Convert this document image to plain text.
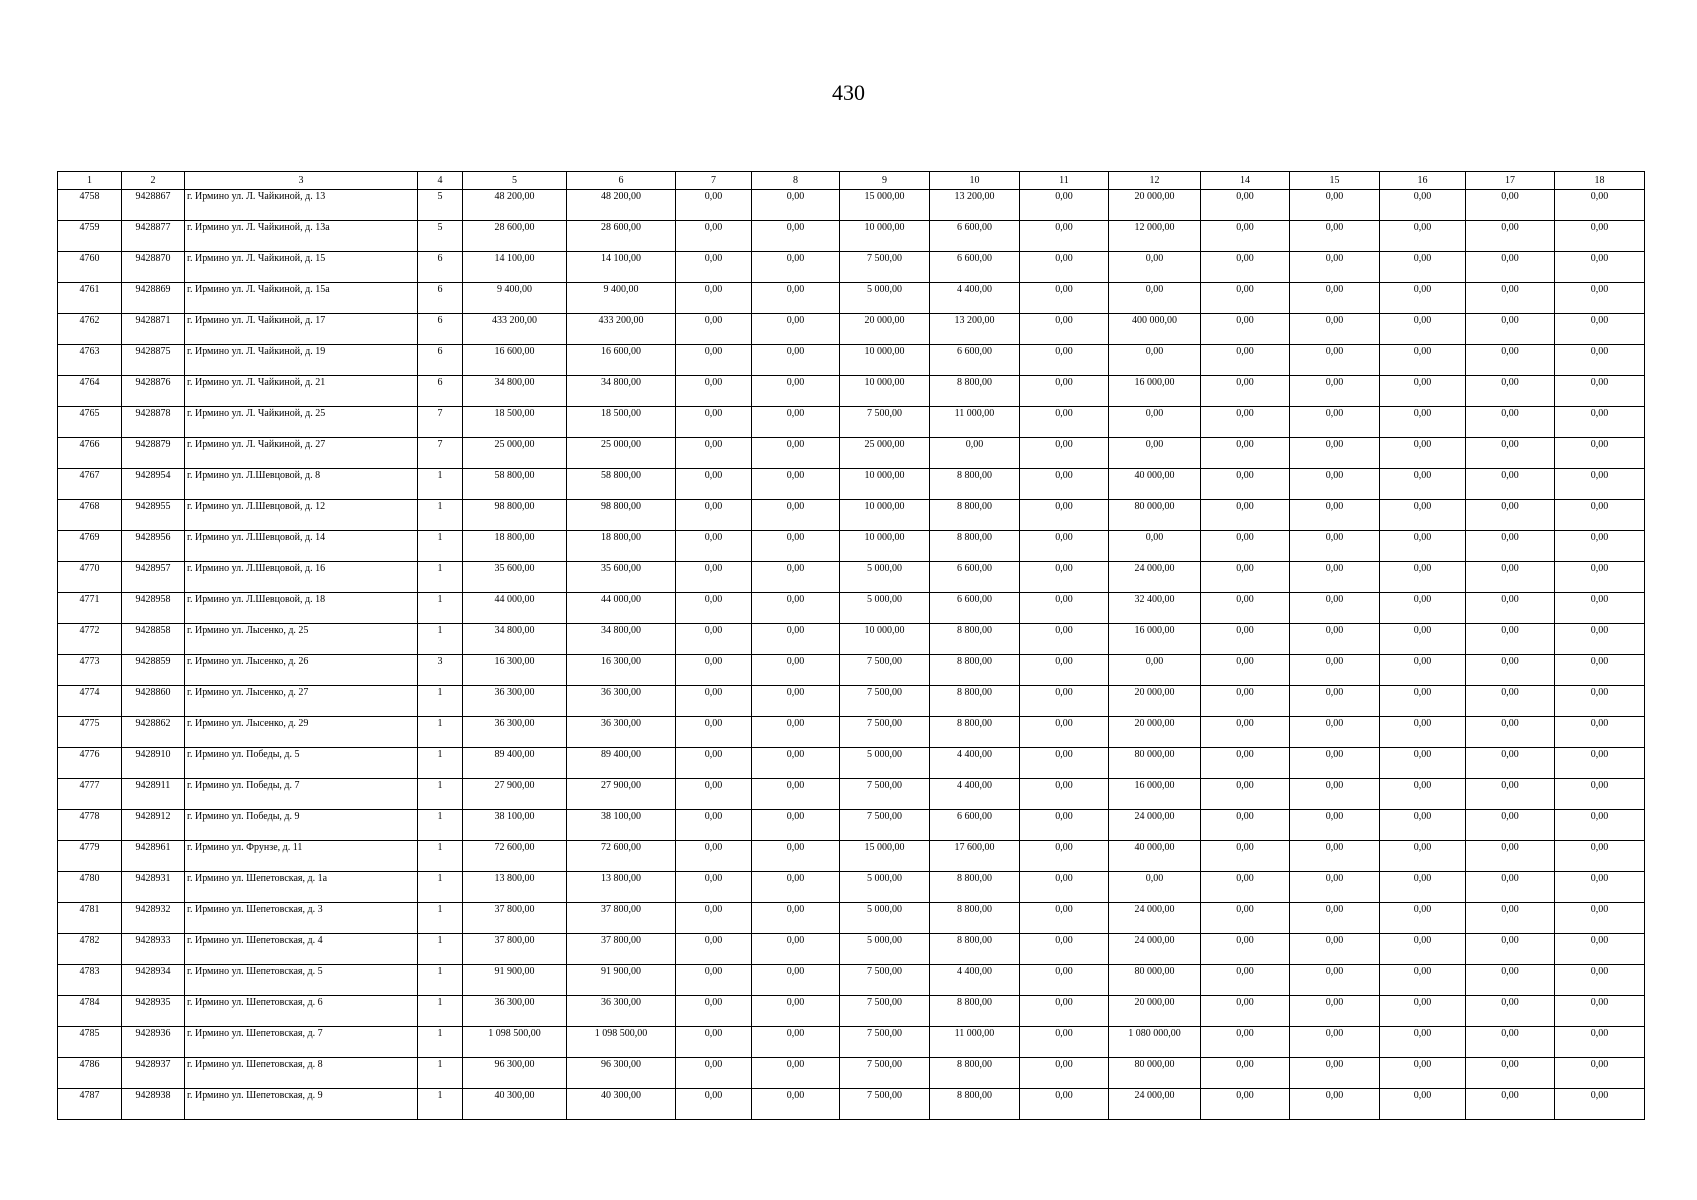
430
1	2	3	4	5	6	7	8	9	10	11	12	14	15	16	17	18
4758	9428867	г. Ирмино ул. Л. Чайкиной, д. 13	5	48 200,00	48 200,00	0,00	0,00	15 000,00	13 200,00	0,00	20 000,00	0,00	0,00	0,00	0,00	0,00
4759	9428877	г. Ирмино ул. Л. Чайкиной, д. 13а	5	28 600,00	28 600,00	0,00	0,00	10 000,00	6 600,00	0,00	12 000,00	0,00	0,00	0,00	0,00	0,00
4760	9428870	г. Ирмино ул. Л. Чайкиной, д. 15	6	14 100,00	14 100,00	0,00	0,00	7 500,00	6 600,00	0,00	0,00	0,00	0,00	0,00	0,00	0,00
4761	9428869	г. Ирмино ул. Л. Чайкиной, д. 15а	6	9 400,00	9 400,00	0,00	0,00	5 000,00	4 400,00	0,00	0,00	0,00	0,00	0,00	0,00	0,00
4762	9428871	г. Ирмино ул. Л. Чайкиной, д. 17	6	433 200,00	433 200,00	0,00	0,00	20 000,00	13 200,00	0,00	400 000,00	0,00	0,00	0,00	0,00	0,00
4763	9428875	г. Ирмино ул. Л. Чайкиной, д. 19	6	16 600,00	16 600,00	0,00	0,00	10 000,00	6 600,00	0,00	0,00	0,00	0,00	0,00	0,00	0,00
4764	9428876	г. Ирмино ул. Л. Чайкиной, д. 21	6	34 800,00	34 800,00	0,00	0,00	10 000,00	8 800,00	0,00	16 000,00	0,00	0,00	0,00	0,00	0,00
4765	9428878	г. Ирмино ул. Л. Чайкиной, д. 25	7	18 500,00	18 500,00	0,00	0,00	7 500,00	11 000,00	0,00	0,00	0,00	0,00	0,00	0,00	0,00
4766	9428879	г. Ирмино ул. Л. Чайкиной, д. 27	7	25 000,00	25 000,00	0,00	0,00	25 000,00	0,00	0,00	0,00	0,00	0,00	0,00	0,00	0,00
4767	9428954	г. Ирмино ул. Л.Шевцовой, д. 8	1	58 800,00	58 800,00	0,00	0,00	10 000,00	8 800,00	0,00	40 000,00	0,00	0,00	0,00	0,00	0,00
4768	9428955	г. Ирмино ул. Л.Шевцовой, д. 12	1	98 800,00	98 800,00	0,00	0,00	10 000,00	8 800,00	0,00	80 000,00	0,00	0,00	0,00	0,00	0,00
4769	9428956	г. Ирмино ул. Л.Шевцовой, д. 14	1	18 800,00	18 800,00	0,00	0,00	10 000,00	8 800,00	0,00	0,00	0,00	0,00	0,00	0,00	0,00
4770	9428957	г. Ирмино ул. Л.Шевцовой, д. 16	1	35 600,00	35 600,00	0,00	0,00	5 000,00	6 600,00	0,00	24 000,00	0,00	0,00	0,00	0,00	0,00
4771	9428958	г. Ирмино ул. Л.Шевцовой, д. 18	1	44 000,00	44 000,00	0,00	0,00	5 000,00	6 600,00	0,00	32 400,00	0,00	0,00	0,00	0,00	0,00
4772	9428858	г. Ирмино ул. Лысенко, д. 25	1	34 800,00	34 800,00	0,00	0,00	10 000,00	8 800,00	0,00	16 000,00	0,00	0,00	0,00	0,00	0,00
4773	9428859	г. Ирмино ул. Лысенко, д. 26	3	16 300,00	16 300,00	0,00	0,00	7 500,00	8 800,00	0,00	0,00	0,00	0,00	0,00	0,00	0,00
4774	9428860	г. Ирмино ул. Лысенко, д. 27	1	36 300,00	36 300,00	0,00	0,00	7 500,00	8 800,00	0,00	20 000,00	0,00	0,00	0,00	0,00	0,00
4775	9428862	г. Ирмино ул. Лысенко, д. 29	1	36 300,00	36 300,00	0,00	0,00	7 500,00	8 800,00	0,00	20 000,00	0,00	0,00	0,00	0,00	0,00
4776	9428910	г. Ирмино ул. Победы, д. 5	1	89 400,00	89 400,00	0,00	0,00	5 000,00	4 400,00	0,00	80 000,00	0,00	0,00	0,00	0,00	0,00
4777	9428911	г. Ирмино ул. Победы, д. 7	1	27 900,00	27 900,00	0,00	0,00	7 500,00	4 400,00	0,00	16 000,00	0,00	0,00	0,00	0,00	0,00
4778	9428912	г. Ирмино ул. Победы, д. 9	1	38 100,00	38 100,00	0,00	0,00	7 500,00	6 600,00	0,00	24 000,00	0,00	0,00	0,00	0,00	0,00
4779	9428961	г. Ирмино ул. Фрунзе, д. 11	1	72 600,00	72 600,00	0,00	0,00	15 000,00	17 600,00	0,00	40 000,00	0,00	0,00	0,00	0,00	0,00
4780	9428931	г. Ирмино ул. Шепетовская, д. 1а	1	13 800,00	13 800,00	0,00	0,00	5 000,00	8 800,00	0,00	0,00	0,00	0,00	0,00	0,00	0,00
4781	9428932	г. Ирмино ул. Шепетовская, д. 3	1	37 800,00	37 800,00	0,00	0,00	5 000,00	8 800,00	0,00	24 000,00	0,00	0,00	0,00	0,00	0,00
4782	9428933	г. Ирмино ул. Шепетовская, д. 4	1	37 800,00	37 800,00	0,00	0,00	5 000,00	8 800,00	0,00	24 000,00	0,00	0,00	0,00	0,00	0,00
4783	9428934	г. Ирмино ул. Шепетовская, д. 5	1	91 900,00	91 900,00	0,00	0,00	7 500,00	4 400,00	0,00	80 000,00	0,00	0,00	0,00	0,00	0,00
4784	9428935	г. Ирмино ул. Шепетовская, д. 6	1	36 300,00	36 300,00	0,00	0,00	7 500,00	8 800,00	0,00	20 000,00	0,00	0,00	0,00	0,00	0,00
4785	9428936	г. Ирмино ул. Шепетовская, д. 7	1	1 098 500,00	1 098 500,00	0,00	0,00	7 500,00	11 000,00	0,00	1 080 000,00	0,00	0,00	0,00	0,00	0,00
4786	9428937	г. Ирмино ул. Шепетовская, д. 8	1	96 300,00	96 300,00	0,00	0,00	7 500,00	8 800,00	0,00	80 000,00	0,00	0,00	0,00	0,00	0,00
4787	9428938	г. Ирмино ул. Шепетовская, д. 9	1	40 300,00	40 300,00	0,00	0,00	7 500,00	8 800,00	0,00	24 000,00	0,00	0,00	0,00	0,00	0,00
